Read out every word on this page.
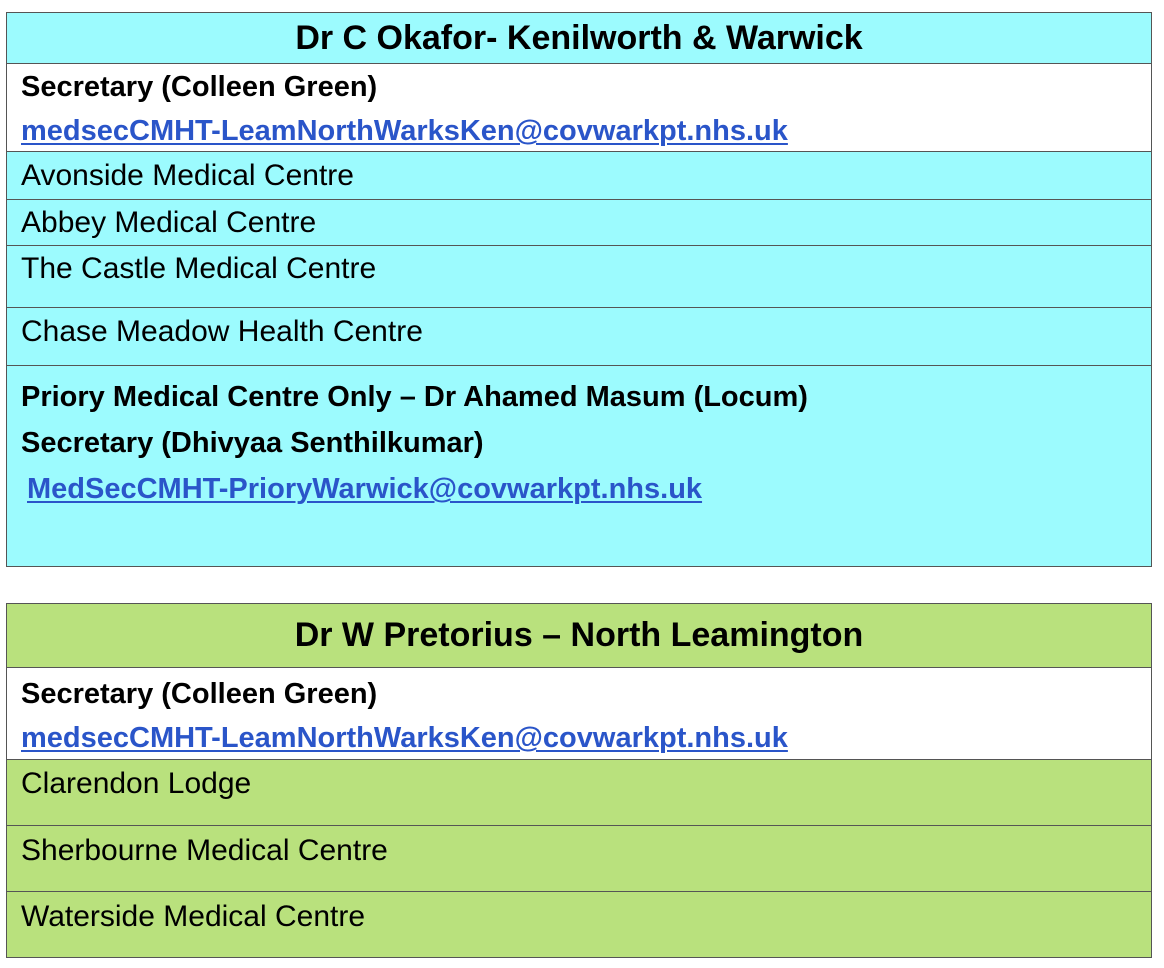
Dr C Okafor- Kenilworth & Warwick
Secretary (Colleen Green)
medsecCMHT-LeamNorthWarksKen@covwarkpt.nhs.uk
Avonside Medical Centre
Abbey Medical Centre
The Castle Medical Centre
Chase Meadow Health Centre
Priory Medical Centre Only – Dr Ahamed Masum (Locum)
Secretary (Dhivyaa Senthilkumar)
MedSecCMHT-PrioryWarwick@covwarkpt.nhs.uk
Dr W Pretorius – North Leamington
Secretary (Colleen Green)
medsecCMHT-LeamNorthWarksKen@covwarkpt.nhs.uk
Clarendon Lodge
Sherbourne Medical Centre
Waterside Medical Centre
